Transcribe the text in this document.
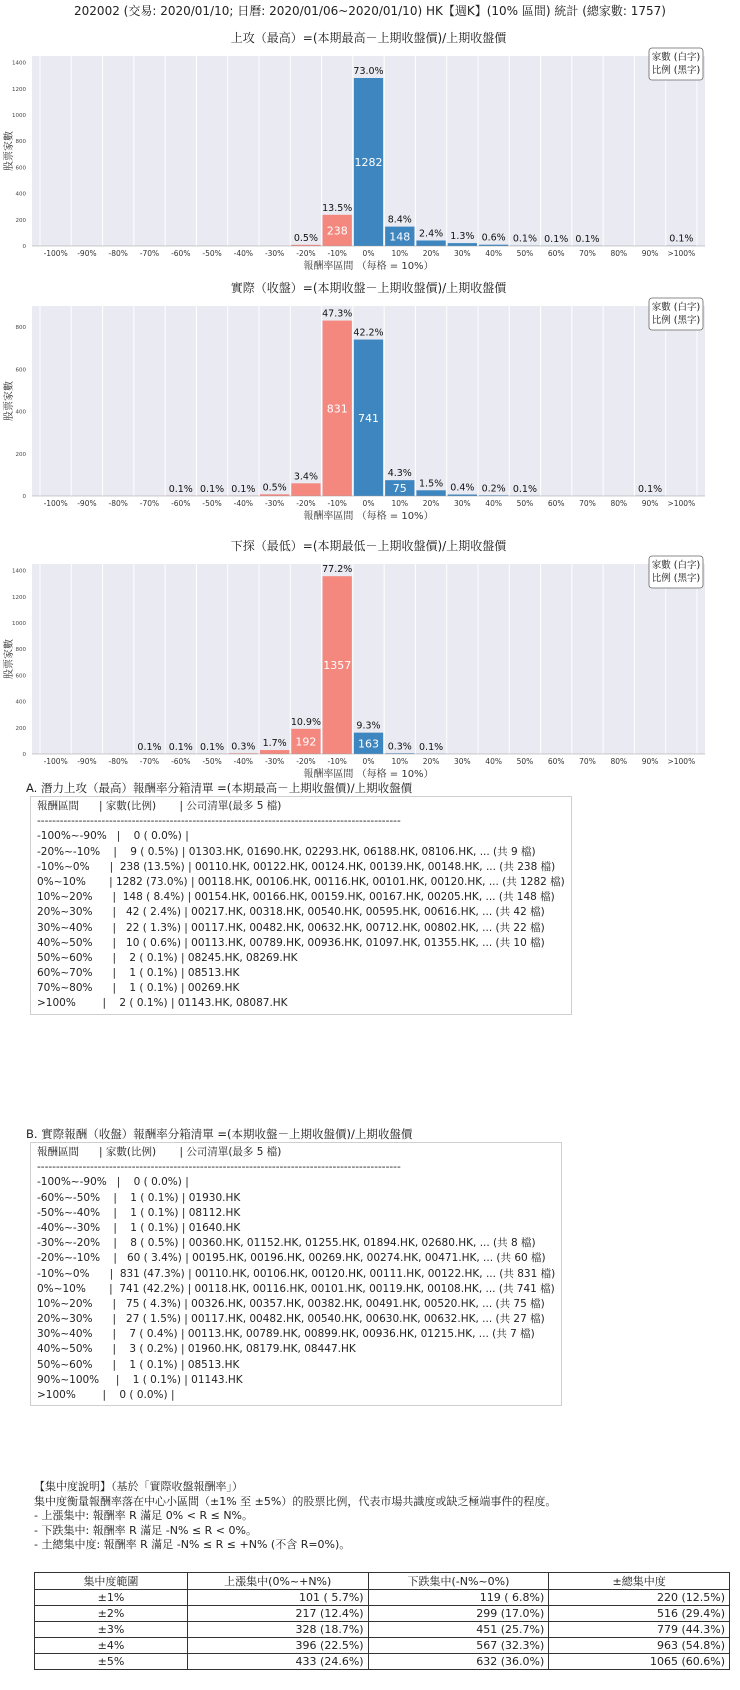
202002 (交易: 2020/01/10; 日曆: 2020/01/06~2020/01/10) HK【週K】(10% 區間) 統計 (總家數: 1757)
上攻（最高）=(本期最高－上期收盤價)/上期收盤價
0
200
400
600
800
1000
1200
1400
股票家數
-100% -90% -80% -70% -60% -50% -40% -30%
0.5%
-20%
13.5%
238
-10%
73.0%
1282
0%
8.4%
148
10%
2.4%
20%
1.3%
30%
0.6%
40%
0.1%
50%
0.1%
60%
0.1%
70% 80% 90%
0.1%
>100%
報酬率區間 （每格 = 10%）
家數 (白字)
比例 (黑字)
實際（收盤）=(本期收盤－上期收盤價)/上期收盤價
0
200
400
600
800
股票家數
-100% -90% -80% -70%
0.1%
-60%
0.1%
-50%
0.1%
-40%
0.5%
-30%
3.4%
-20%
47.3%
831
-10%
42.2%
741
0%
4.3%
75
10%
1.5%
20%
0.4%
30%
0.2%
40%
0.1%
50% 60% 70% 80%
0.1%
90% >100%
報酬率區間 （每格 = 10%）
家數 (白字)
比例 (黑字)
下探（最低）=(本期最低－上期收盤價)/上期收盤價
0
200
400
600
800
1000
1200
1400
股票家數
-100% -90% -80%
0.1%
-70%
0.1%
-60%
0.1%
-50%
0.3%
-40%
1.7%
-30%
10.9%
192
-20%
77.2%
1357
-10%
9.3%
163
0%
0.3%
10%
0.1%
20% 30% 40% 50% 60% 70% 80% 90% >100%
報酬率區間 （每格 = 10%）
家數 (白字)
比例 (黑字)
A. 潛力上攻（最高）報酬率分箱清單 =(本期最高－上期收盤價)/上期收盤價
報酬區間      | 家數(比例)       | 公司清單(最多 5 檔)
------------------------------------------------------------------------------------------------
-100%~-90%   |    0 ( 0.0%) |
-20%~-10%    |    9 ( 0.5%) | 01303.HK, 01690.HK, 02293.HK, 06188.HK, 08106.HK, ... (共 9 檔)
-10%~0%      |  238 (13.5%) | 00110.HK, 00122.HK, 00124.HK, 00139.HK, 00148.HK, ... (共 238 檔)
0%~10%       | 1282 (73.0%) | 00118.HK, 00106.HK, 00116.HK, 00101.HK, 00120.HK, ... (共 1282 檔)
10%~20%      |  148 ( 8.4%) | 00154.HK, 00166.HK, 00159.HK, 00167.HK, 00205.HK, ... (共 148 檔)
20%~30%      |   42 ( 2.4%) | 00217.HK, 00318.HK, 00540.HK, 00595.HK, 00616.HK, ... (共 42 檔)
30%~40%      |   22 ( 1.3%) | 00117.HK, 00482.HK, 00632.HK, 00712.HK, 00802.HK, ... (共 22 檔)
40%~50%      |   10 ( 0.6%) | 00113.HK, 00789.HK, 00936.HK, 01097.HK, 01355.HK, ... (共 10 檔)
50%~60%      |    2 ( 0.1%) | 08245.HK, 08269.HK
60%~70%      |    1 ( 0.1%) | 08513.HK
70%~80%      |    1 ( 0.1%) | 00269.HK
>100%        |    2 ( 0.1%) | 01143.HK, 08087.HK
B. 實際報酬（收盤）報酬率分箱清單 =(本期收盤－上期收盤價)/上期收盤價
報酬區間      | 家數(比例)       | 公司清單(最多 5 檔)
------------------------------------------------------------------------------------------------
-100%~-90%   |    0 ( 0.0%) |
-60%~-50%    |    1 ( 0.1%) | 01930.HK
-50%~-40%    |    1 ( 0.1%) | 08112.HK
-40%~-30%    |    1 ( 0.1%) | 01640.HK
-30%~-20%    |    8 ( 0.5%) | 00360.HK, 01152.HK, 01255.HK, 01894.HK, 02680.HK, ... (共 8 檔)
-20%~-10%    |   60 ( 3.4%) | 00195.HK, 00196.HK, 00269.HK, 00274.HK, 00471.HK, ... (共 60 檔)
-10%~0%      |  831 (47.3%) | 00110.HK, 00106.HK, 00120.HK, 00111.HK, 00122.HK, ... (共 831 檔)
0%~10%       |  741 (42.2%) | 00118.HK, 00116.HK, 00101.HK, 00119.HK, 00108.HK, ... (共 741 檔)
10%~20%      |   75 ( 4.3%) | 00326.HK, 00357.HK, 00382.HK, 00491.HK, 00520.HK, ... (共 75 檔)
20%~30%      |   27 ( 1.5%) | 00117.HK, 00482.HK, 00540.HK, 00630.HK, 00632.HK, ... (共 27 檔)
30%~40%      |    7 ( 0.4%) | 00113.HK, 00789.HK, 00899.HK, 00936.HK, 01215.HK, ... (共 7 檔)
40%~50%      |    3 ( 0.2%) | 01960.HK, 08179.HK, 08447.HK
50%~60%      |    1 ( 0.1%) | 08513.HK
90%~100%     |    1 ( 0.1%) | 01143.HK
>100%        |    0 ( 0.0%) |
【集中度說明】（基於「實際收盤報酬率」）
集中度衡量報酬率落在中心小區間（±1% 至 ±5%）的股票比例，代表市場共識度或缺乏極端事件的程度。
- 上漲集中: 報酬率 R 滿足 0% < R ≤ N%。
- 下跌集中: 報酬率 R 滿足 -N% ≤ R < 0%。
- 土總集中度: 報酬率 R 滿足 -N% ≤ R ≤ +N% (不含 R=0%)。
集中度範圍	上漲集中(0%~+N%)	下跌集中(-N%~0%)	±總集中度
±1%	101 ( 5.7%)	119 ( 6.8%)	220 (12.5%)
±2%	217 (12.4%)	299 (17.0%)	516 (29.4%)
±3%	328 (18.7%)	451 (25.7%)	779 (44.3%)
±4%	396 (22.5%)	567 (32.3%)	963 (54.8%)
±5%	433 (24.6%)	632 (36.0%)	1065 (60.6%)
